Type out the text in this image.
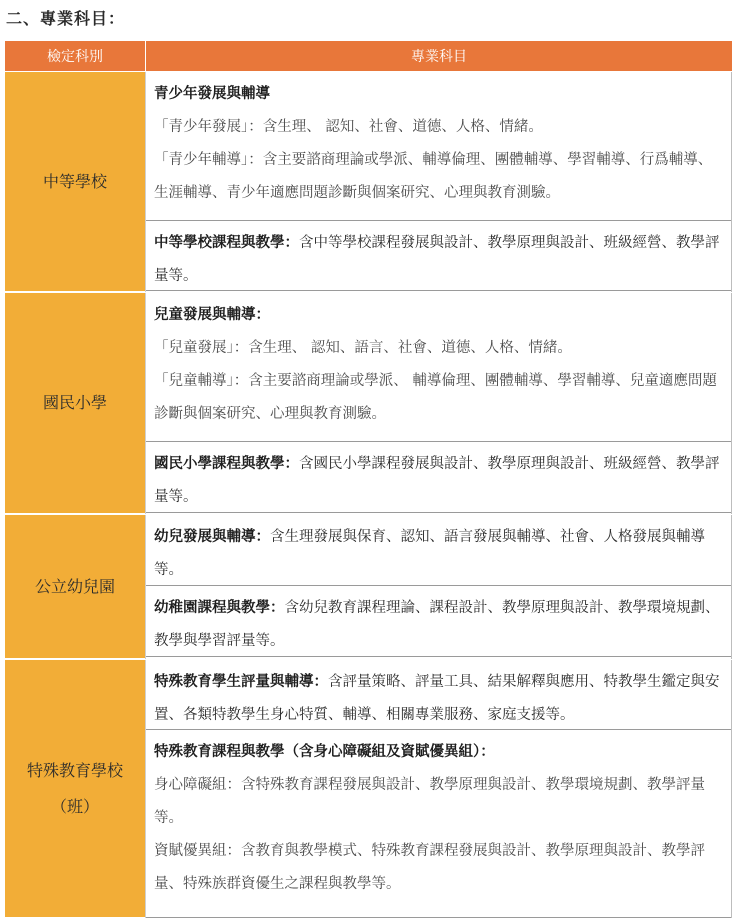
二、專業科目：
檢定科別	專業科目
中等學校
青少年發展與輔導

「青少年發展」：含生理、 認知、社會、道德、人格、情緒。

「青少年輔導」：含主要諮商理論或學派、輔導倫理、團體輔導、學習輔導、行爲輔導、生涯輔導、青少年適應問題診斷與個案研究、心理與教育測驗。

中等學校課程與教學：含中等學校課程發展與設計、教學原理與設計、班級經營、教學評量等。
國民小學
兒童發展與輔導：

「兒童發展」：含生理、 認知、語言、社會、道德、人格、情緒。

「兒童輔導」：含主要諮商理論或學派、 輔導倫理、團體輔導、學習輔導、兒童適應問題診斷與個案研究、心理與教育測驗。

國民小學課程與教學：含國民小學課程發展與設計、教學原理與設計、班級經營、教學評量等。
公立幼兒園
幼兒發展與輔導：含生理發展與保育、認知、語言發展與輔導、社會、人格發展與輔導等。
幼稚園課程與教學：含幼兒教育課程理論、課程設計、教學原理與設計、教學環境規劃、教學與學習評量等。
特殊教育學校
（班）
特殊教育學生評量與輔導：含評量策略、評量工具、結果解釋與應用、特教學生鑑定與安置、各類特教學生身心特質、輔導、相關專業服務、家庭支援等。
特殊教育課程與教學（含身心障礙組及資賦優異組）：

身心障礙組：含特殊教育課程發展與設計、教學原理與設計、教學環境規劃、教學評量等。

資賦優異組：含教育與教學模式、特殊教育課程發展與設計、教學原理與設計、教學評量、特殊族群資優生之課程與教學等。
